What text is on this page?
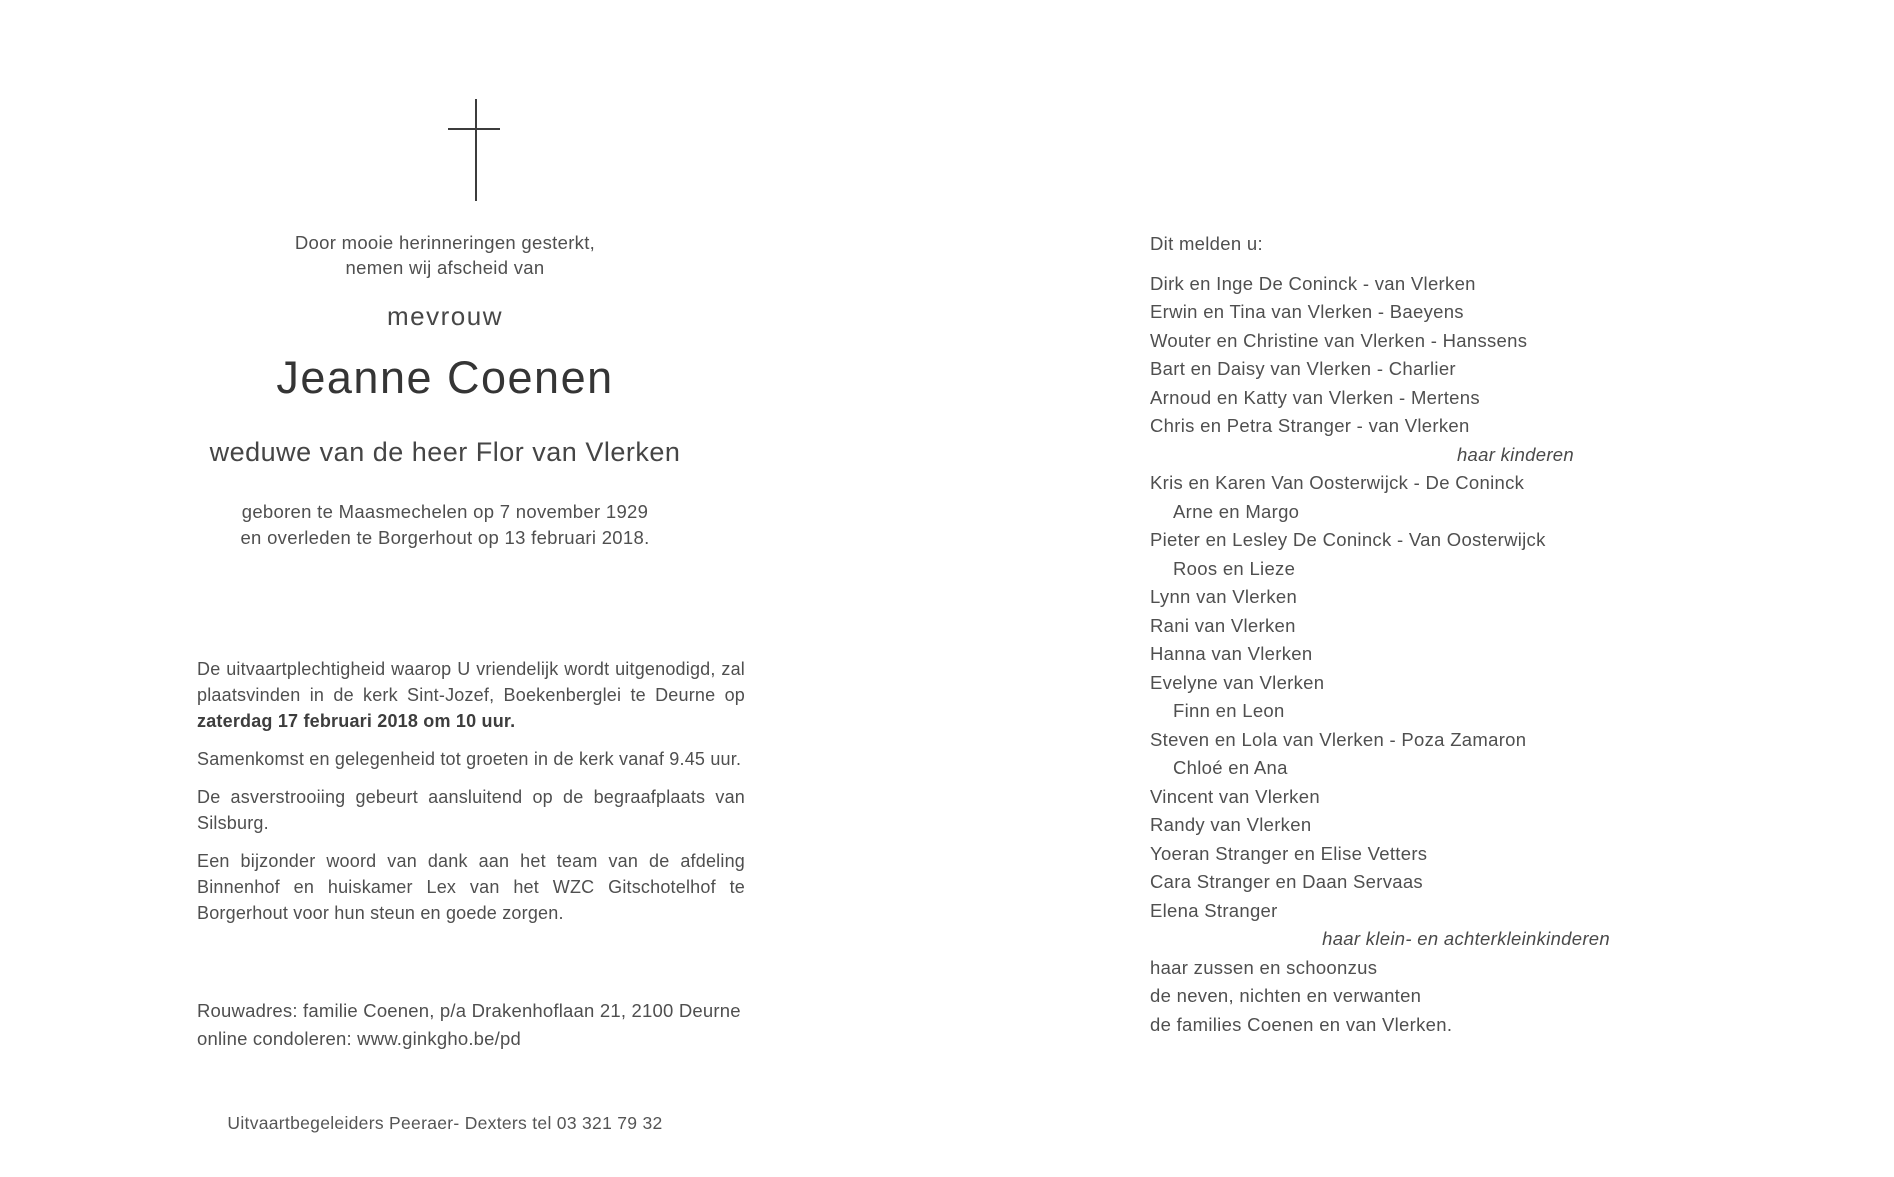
Door mooie herinneringen gesterkt,
nemen wij afscheid van
mevrouw
Jeanne Coenen
weduwe van de heer Flor van Vlerken
geboren te Maasmechelen op 7 november 1929
en overleden te Borgerhout op 13 februari 2018.

De uitvaartplechtigheid waarop U vriendelijk wordt uitgenodigd, zal
plaatsvinden in de kerk Sint-Jozef, Boekenberglei te Deurne op
zaterdag 17 februari 2018 om 10 uur.

Samenkomst en gelegenheid tot groeten in de kerk vanaf 9.45 uur.

De asverstrooiing gebeurt aansluitend op de begraafplaats van
Silsburg.

Een bijzonder woord van dank aan het team van de afdeling
Binnenhof en huiskamer Lex van het WZC Gitschotelhof te
Borgerhout voor hun steun en goede zorgen.

Rouwadres: familie Coenen, p/a Drakenhoflaan 21, 2100 Deurne
online condoleren: www.ginkgho.be/pd
Uitvaartbegeleiders Peeraer- Dexters tel 03 321 79 32
Dit melden u:
Dirk en Inge De Coninck - van Vlerken
Erwin en Tina van Vlerken - Baeyens
Wouter en Christine van Vlerken - Hanssens
Bart en Daisy van Vlerken - Charlier
Arnoud en Katty van Vlerken - Mertens
Chris en Petra Stranger - van Vlerken
haar kinderen
Kris en Karen Van Oosterwijck - De Coninck
Arne en Margo
Pieter en Lesley De Coninck - Van Oosterwijck
Roos en Lieze
Lynn van Vlerken
Rani van Vlerken
Hanna van Vlerken
Evelyne van Vlerken
Finn en Leon
Steven en Lola van Vlerken - Poza Zamaron
Chloé en Ana
Vincent van Vlerken
Randy van Vlerken
Yoeran Stranger en Elise Vetters
Cara Stranger en Daan Servaas
Elena Stranger
haar klein- en achterkleinkinderen
haar zussen en schoonzus
de neven, nichten en verwanten
de families Coenen en van Vlerken.
